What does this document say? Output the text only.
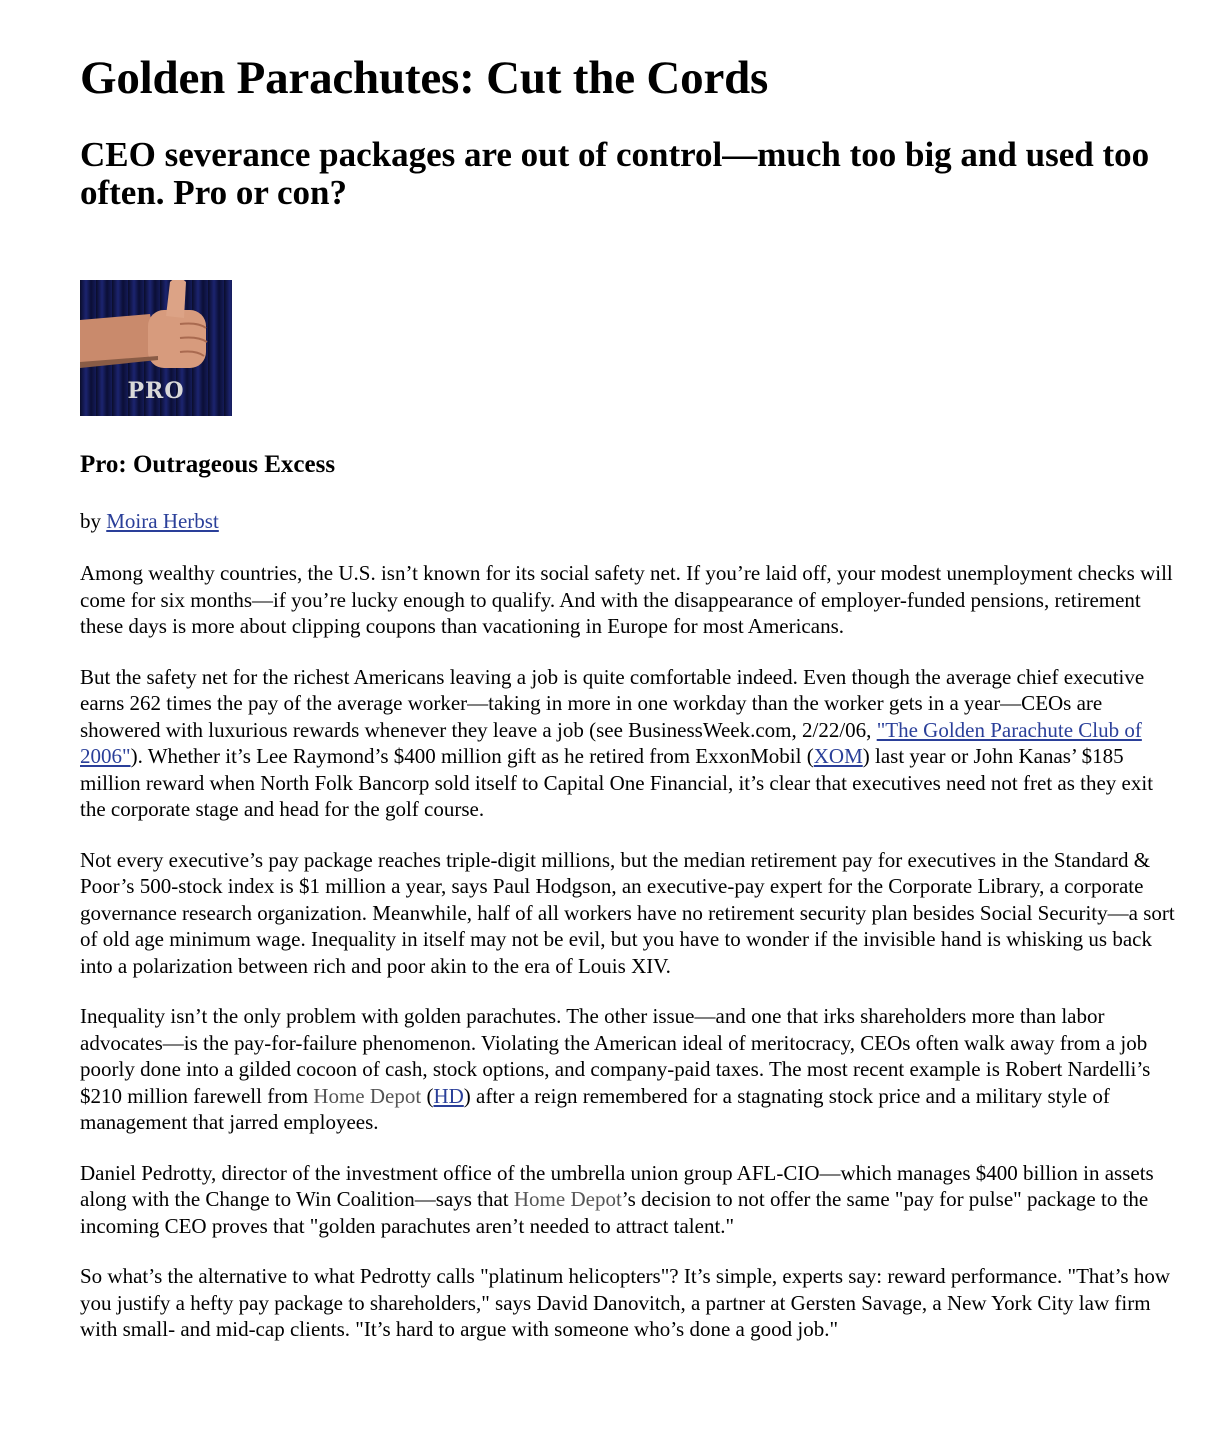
Golden Parachutes: Cut the Cords
CEO severance packages are out of control—much too big and used too often. Pro or con?
PRO
Pro: Outrageous Excess
by Moira Herbst

Among wealthy countries, the U.S. isn’t known for its social safety net. If you’re laid off, your modest unemployment checks will come for six months—if you’re lucky enough to qualify. And with the disappearance of employer-funded pensions, retirement these days is more about clipping coupons than vacationing in Europe for most Americans.

But the safety net for the richest Americans leaving a job is quite comfortable indeed. Even though the average chief executive earns 262 times the pay of the average worker—taking in more in one workday than the worker gets in a year—CEOs are showered with luxurious rewards whenever they leave a job (see BusinessWeek.com, 2/22/06, "The Golden Parachute Club of 2006"). Whether it’s Lee Raymond’s $400 million gift as he retired from ExxonMobil (XOM) last year or John Kanas’ $185 million reward when North Folk Bancorp sold itself to Capital One Financial, it’s clear that executives need not fret as they exit the corporate stage and head for the golf course.

Not every executive’s pay package reaches triple-digit millions, but the median retirement pay for executives in the Standard & Poor’s 500-stock index is $1 million a year, says Paul Hodgson, an executive-pay expert for the Corporate Library, a corporate governance research organization. Meanwhile, half of all workers have no retirement security plan besides Social Security—a sort of old age minimum wage. Inequality in itself may not be evil, but you have to wonder if the invisible hand is whisking us back into a polarization between rich and poor akin to the era of Louis XIV.

Inequality isn’t the only problem with golden parachutes. The other issue—and one that irks shareholders more than labor advocates—is the pay-for-failure phenomenon. Violating the American ideal of meritocracy, CEOs often walk away from a job poorly done into a gilded cocoon of cash, stock options, and company-paid taxes. The most recent example is Robert Nardelli’s $210 million farewell from Home Depot (HD) after a reign remembered for a stagnating stock price and a military style of management that jarred employees.

Daniel Pedrotty, director of the investment office of the umbrella union group AFL-CIO—which manages $400 billion in assets along with the Change to Win Coalition—says that Home Depot’s decision to not offer the same "pay for pulse" package to the incoming CEO proves that "golden parachutes aren’t needed to attract talent."

So what’s the alternative to what Pedrotty calls "platinum helicopters"? It’s simple, experts say: reward performance. "That’s how you justify a hefty pay package to shareholders," says David Danovitch, a partner at Gersten Savage, a New York City law firm with small- and mid-cap clients. "It’s hard to argue with someone who’s done a good job."
